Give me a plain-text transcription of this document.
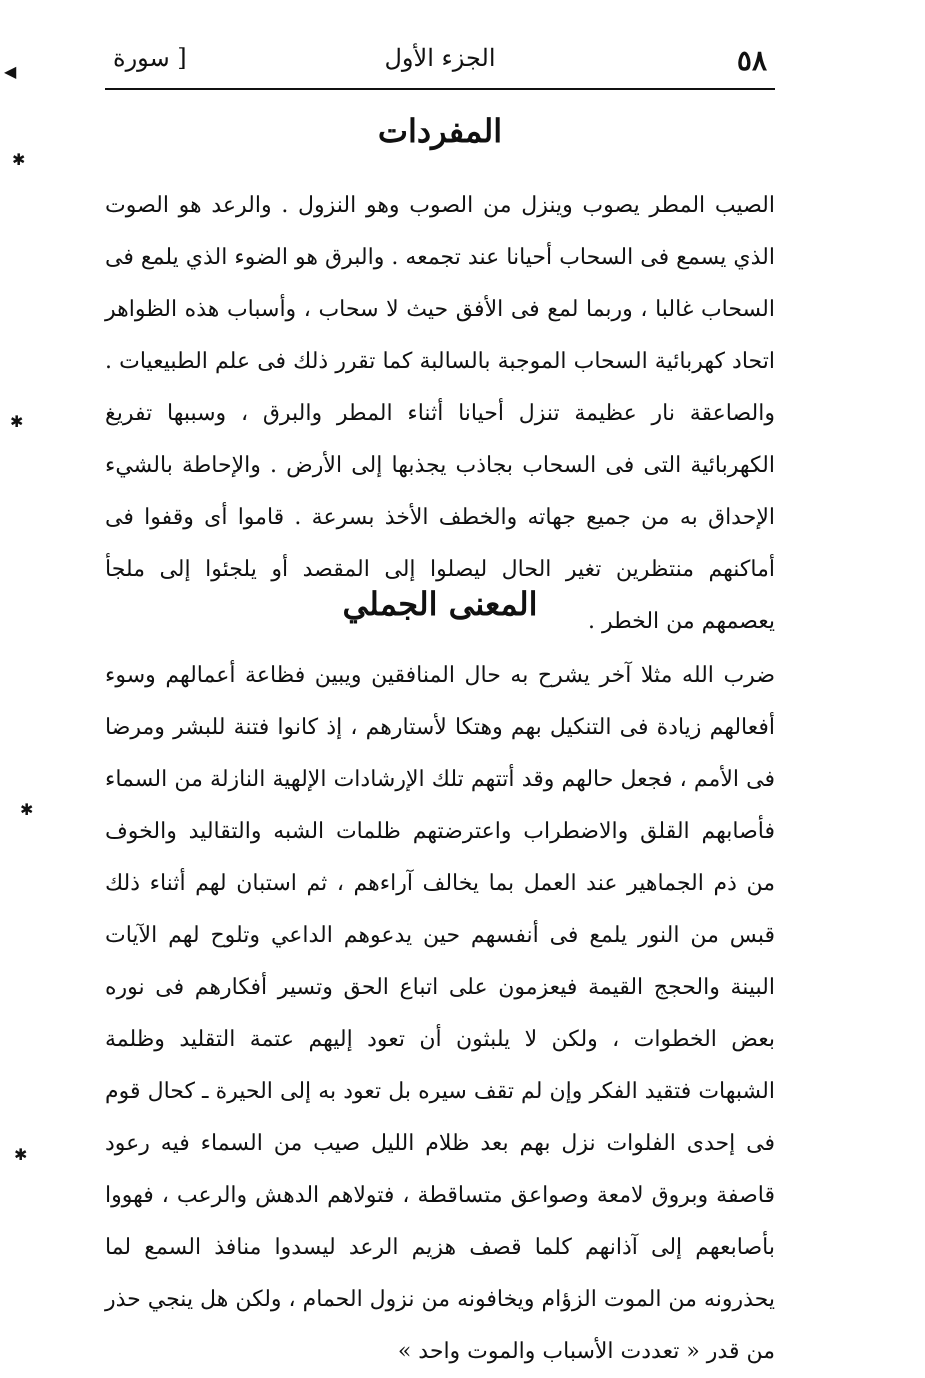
٥٨
الجزء الأول
[ سورة
المفردات

الصيب المطر يصوب وينزل من الصوب وهو النزول . والرعد هو الصوت الذي يسمع فى السحاب أحيانا عند تجمعه . والبرق هو الضوء الذي يلمع فى السحاب غالبا ، وربما لمع فى الأفق حيث لا سحاب ، وأسباب هذه الظواهر اتحاد كهربائية السحاب الموجبة بالسالبة كما تقرر ذلك فى علم الطبيعيات . والصاعقة نار عظيمة تنزل أحيانا أثناء المطر والبرق ، وسببها تفريغ الكهربائية التى فى السحاب بجاذب يجذبها إلى الأرض . والإحاطة بالشيء الإحداق به من جميع جهاته والخطف الأخذ بسرعة . قاموا أى وقفوا فى أماكنهم منتظرين تغير الحال ليصلوا إلى المقصد أو يلجئوا إلى ملجأ يعصمهم من الخطر .

المعنى الجملي

ضرب الله مثلا آخر يشرح به حال المنافقين ويبين فظاعة أعمالهم وسوء أفعالهم زيادة فى التنكيل بهم وهتكا لأستارهم ، إذ كانوا فتنة للبشر ومرضا فى الأمم ، فجعل حالهم وقد أتتهم تلك الإرشادات الإلهية النازلة من السماء فأصابهم القلق والاضطراب واعترضتهم ظلمات الشبه والتقاليد والخوف من ذم الجماهير عند العمل بما يخالف آراءهم ، ثم استبان لهم أثناء ذلك قبس من النور يلمع فى أنفسهم حين يدعوهم الداعي وتلوح لهم الآيات البينة والحجج القيمة فيعزمون على اتباع الحق وتسير أفكارهم فى نوره بعض الخطوات ، ولكن لا يلبثون أن تعود إليهم عتمة التقليد وظلمة الشبهات فتقيد الفكر وإن لم تقف سيره بل تعود به إلى الحيرة ـ كحال قوم فى إحدى الفلوات نزل بهم بعد ظلام الليل صيب من السماء فيه رعود قاصفة وبروق لامعة وصواعق متساقطة ، فتولاهم الدهش والرعب ، فهووا بأصابعهم إلى آذانهم كلما قصف هزيم الرعد ليسدوا منافذ السمع لما يحذرونه من الموت الزؤام ويخافونه من نزول الحمام ، ولكن هل ينجي حذر من قدر « تعددت الأسباب والموت واحد »

◀
✱
✱
✱
✱
